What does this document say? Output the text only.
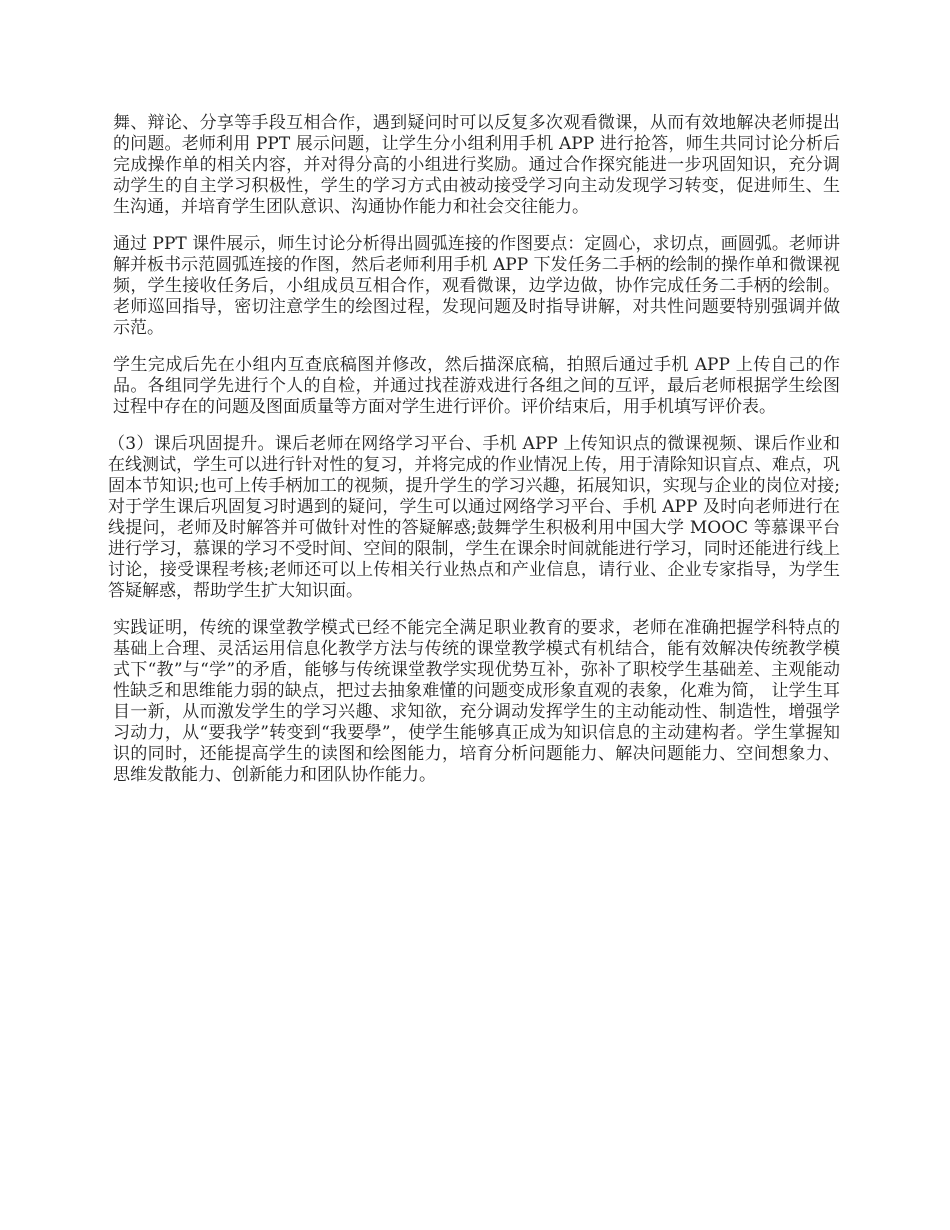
舞、辩论、分享等手段互相合作，遇到疑问时可以反复多次观看微课，从而有效地解决老师提出的问题。老师利用 PPT 展示问题，让学生分小组利用手机 APP 进行抢答，师生共同讨论分析后完成操作单的相关内容，并对得分高的小组进行奖励。通过合作探究能进一步巩固知识，充分调动学生的自主学习积极性，学生的学习方式由被动接受学习向主动发现学习转变，促进师生、生生沟通，并培育学生团队意识、沟通协作能力和社会交往能力。

通过 PPT 课件展示，师生讨论分析得出圆弧连接的作图要点：定圆心，求切点，画圆弧。老师讲解并板书示范圆弧连接的作图，然后老师利用手机 APP 下发任务二手柄的绘制的操作单和微课视频，学生接收任务后，小组成员互相合作，观看微课，边学边做，协作完成任务二手柄的绘制。老师巡回指导，密切注意学生的绘图过程，发现问题及时指导讲解，对共性问题要特别强调并做示范。

学生完成后先在小组内互查底稿图并修改，然后描深底稿，拍照后通过手机 APP 上传自己的作品。各组同学先进行个人的自检，并通过找茬游戏进行各组之间的互评，最后老师根据学生绘图过程中存在的问题及图面质量等方面对学生进行评价。评价结束后，用手机填写评价表。

（3）课后巩固提升。课后老师在网络学习平台、手机 APP 上传知识点的微课视频、课后作业和在线测试，学生可以进行针对性的复习，并将完成的作业情况上传，用于清除知识盲点、难点，巩固本节知识;也可上传手柄加工的视频，提升学生的学习兴趣，拓展知识，实现与企业的岗位对接;对于学生课后巩固复习时遇到的疑问，学生可以通过网络学习平台、手机 APP 及时向老师进行在线提问，老师及时解答并可做针对性的答疑解惑;鼓舞学生积极利用中国大学 MOOC 等慕课平台进行学习，慕课的学习不受时间、空间的限制，学生在课余时间就能进行学习，同时还能进行线上讨论，接受课程考核;老师还可以上传相关行业热点和产业信息，请行业、企业专家指导，为学生答疑解惑，帮助学生扩大知识面。

实践证明，传统的课堂教学模式已经不能完全满足职业教育的要求，老师在准确把握学科特点的基础上合理、灵活运用信息化教学方法与传统的课堂教学模式有机结合，能有效解决传统教学模式下“教”与“学”的矛盾，能够与传统课堂教学实现优势互补，弥补了职校学生基础差、主观能动性缺乏和思维能力弱的缺点，把过去抽象难懂的问题变成形象直观的表象，化难为简， 让学生耳目一新，从而激发学生的学习兴趣、求知欲，充分调动发挥学生的主动能动性、制造性，增强学习动力，从“要我学”转变到“我要學”，使学生能够真正成为知识信息的主动建构者。学生掌握知识的同时，还能提高学生的读图和绘图能力，培育分析问题能力、解决问题能力、空间想象力、思维发散能力、创新能力和团队协作能力。
